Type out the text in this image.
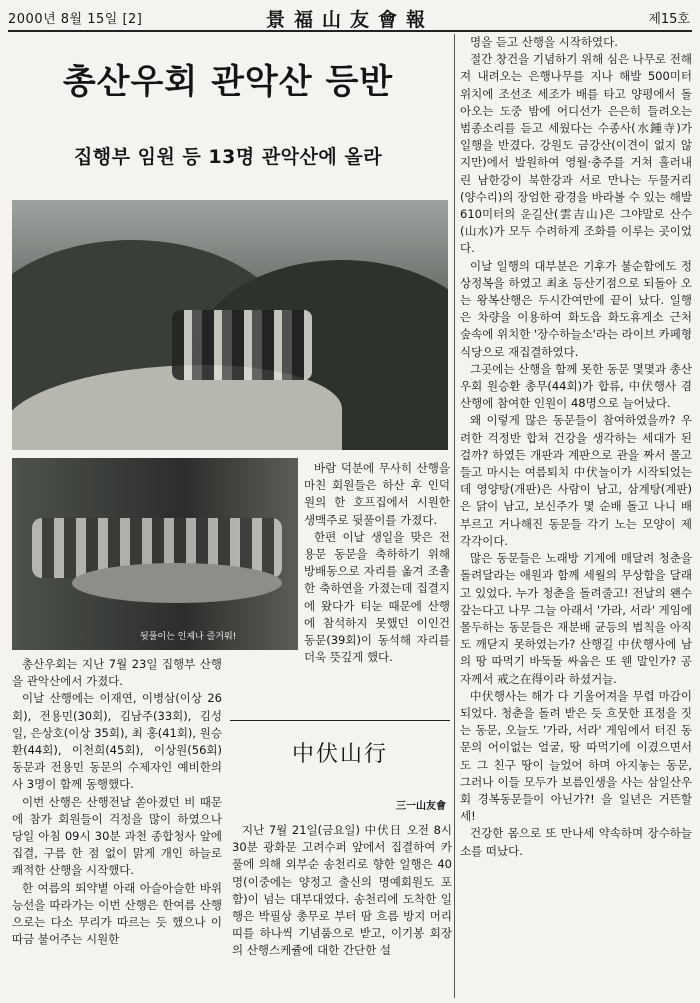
2000년 8월 15일 [2]	景福山友會報	제15호
총산우회 관악산 등반
집행부 임원 등 13명 관악산에 올라
뒷풀이는 인제나 즐거워!

바람 덕분에 무사히 산행을 마친 회원들은 하산 후 인덕원의 한 호프집에서 시원한 생맥주로 뒷풀이를 가졌다.

한편 이날 생일을 맞은 전용문 동문을 축하하기 위해 방배동으로 자리를 옮겨 조촐한 축하연을 가졌는데 집결지에 왔다가 티눈 때문에 산행에 참석하지 못했던 이인건 동문(39회)이 동석해 자리를 더욱 뜻깊게 했다.

총산우회는 지난 7월 23일 집행부 산행을 관악산에서 가졌다.

이날 산행에는 이재연, 이병삼(이상 26회), 전용민(30회), 김남주(33회), 김성일, 은상호(이상 35회), 최 홍(41회), 원승환(44회), 이천희(45회), 이상원(56회) 동문과 전용민 동문의 수제자인 예비한의사 3명이 함께 동행했다.

이번 산행은 산행전날 쏟아졌던 비 때문에 참가 회원들이 걱정을 많이 하였으나 당일 아침 09시 30분 과천 종합청사 앞에 집결, 구름 한 점 없이 맑게 개인 하늘로 쾌적한 산행을 시작했다.

한 여름의 뙤약볕 아래 아슬아슬한 바위능선을 따라가는 이번 산행은 한여름 산행으로는 다소 무리가 따르는 듯 했으나 이따금 불어주는 시원한

中伏山行
三一山友會

지난 7월 21일(금요일) 中伏日 오전 8시 30분 광화문 고려수퍼 앞에서 집결하여 카풀에 의해 외부순 송천리로 향한 일행은 40명(이중에는 양정고 출신의 명예회원도 포함)이 넘는 대부대였다. 송천리에 도착한 일행은 박필상 총무로 부터 땀 흐름 방지 머리띠를 하나씩 기념품으로 받고, 이기봉 회장의 산행스케쥴에 대한 간단한 설

명을 듣고 산행을 시작하였다.

절간 창건을 기념하기 위해 심은 나무로 전해져 내려오는 은행나무를 지나 해발 500미터 위치에 조선조 세조가 배를 타고 양평에서 돌아오는 도중 밤에 어디선가 은은히 들려오는 범종소리를 듣고 세웠다는 수종사(水鍾寺)가 일행을 반겼다. 강원도 금강산(이견이 없지 않지만)에서 발원하여 영월·충주를 거쳐 흘러내린 남한강이 북한강과 서로 만나는 두물거리(양수리)의 장엄한 광경을 바라볼 수 있는 해발 610미터의 운길산(雲吉山)은 그야말로 산수(山水)가 모두 수려하게 조화를 이루는 곳이었다.

이날 일행의 대부분은 기후가 불순함에도 정상정복을 하였고 최초 등산기점으로 되돌아 오는 왕복산행은 두시간여만에 끝이 났다. 일행은 차량을 이용하여 화도읍 화도휴게소 근처 숲속에 위치한 '장수하늘소'라는 라이브 카페형 식당으로 재집결하였다.

그곳에는 산행을 함께 못한 동문 몇몇과 총산우회 원승환 총무(44회)가 합류, 中伏행사 겸 산행에 참여한 인원이 48명으로 늘어났다.

왜 이렇게 많은 동문들이 참여하였을까? 우려한 걱정반 합쳐 건강을 생각하는 세대가 된걸까? 하였든 개판과 계판으로 관을 짜서 몰고 들고 마시는 여름퇴치 中伏놀이가 시작되었는데 영양탕(개판)은 사람이 남고, 삼계탕(계판)은 닭이 남고, 보신주가 몇 순배 돌고 나니 배부르고 거나해진 동문들 각기 노는 모양이 제각각이다.

많은 동문들은 노래방 기계에 매달려 청춘을 돌려달라는 애원과 함께 세월의 무상함을 달래고 있었다. 누가 청춘을 돌려줄고! 전날의 왠수 갚는다고 나무 그늘 아래서 '가라, 서라' 게임에 몰두하는 동문들은 재분배 균등의 법칙을 아직도 깨닫지 못하였는가? 산행길 中伏행사에 남의 땅 따먹기 바둑돌 싸움은 또 웬 말인가? 공자께서 戒之在得이라 하셨거늘.

中伏행사는 해가 다 기울어져을 무렵 마감이 되었다. 청춘을 돌려 받은 듯 흐뭇한 표정을 짓는 동문, 오늘도 '가라, 서라' 게임에서 터진 동문의 어이없는 얼굴, 땅 따먹기에 이겼으면서도 그 친구 땅이 늘었어 하며 아지놓는 동문, 그러나 이들 모두가 보름인생을 사는 삼일산우회 경복동문들이 아닌가?! 을 일년은 거뜬할세!

건강한 몸으로 또 만나세 약속하며 장수하늘소를 떠났다.
